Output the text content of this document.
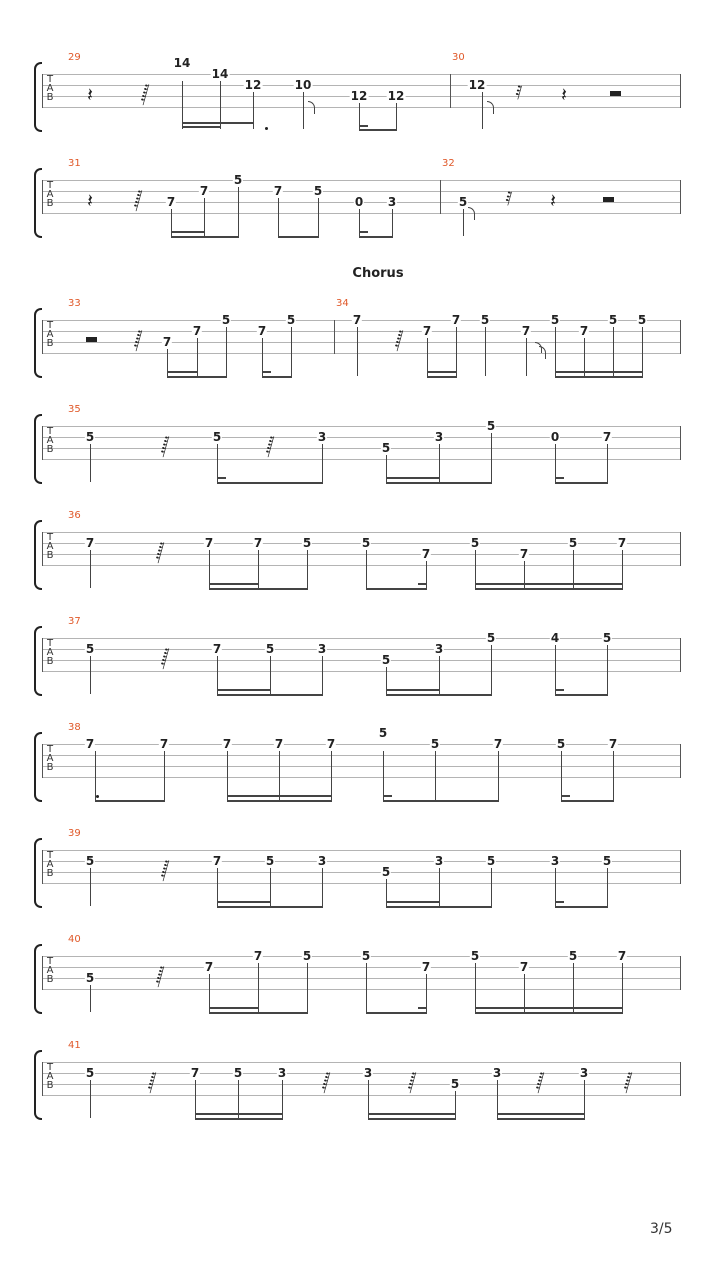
T
A
B
29
𝄽	𝅂
14
14
12	10
12 12
30
𝅀 𝄽
12
T
A
B
31
𝄽 𝅂 7
7
5
7	5
0 3
32
𝅀 𝄽
5
T
A
B
33
𝅂 7
7
5
7
5
34
𝅂
7
7
7 5
7
5
7
5 5
T
A
B
35
𝅂	𝅂
5	5	3
5
3
5
0	7
T
A
B
36
𝅂
7	7	7	5	5
7
5
7
5	7
T
A
B
37
𝅂
5	7	5	3
5
3
5	4	5
T
A
B
38
7	7	7	7	7
5
5	7	5	7
T
A
B
39
𝅂
5	7	5	3
5
3	5	3	5
T
A
B
40
𝅂
5
7
7	5	5
7
5
7
5	7
T
A
B
41
𝅂	𝅂	𝅂	𝅂	𝅂
5	7	5	3	3
5
3	3
Chorus
3/5
